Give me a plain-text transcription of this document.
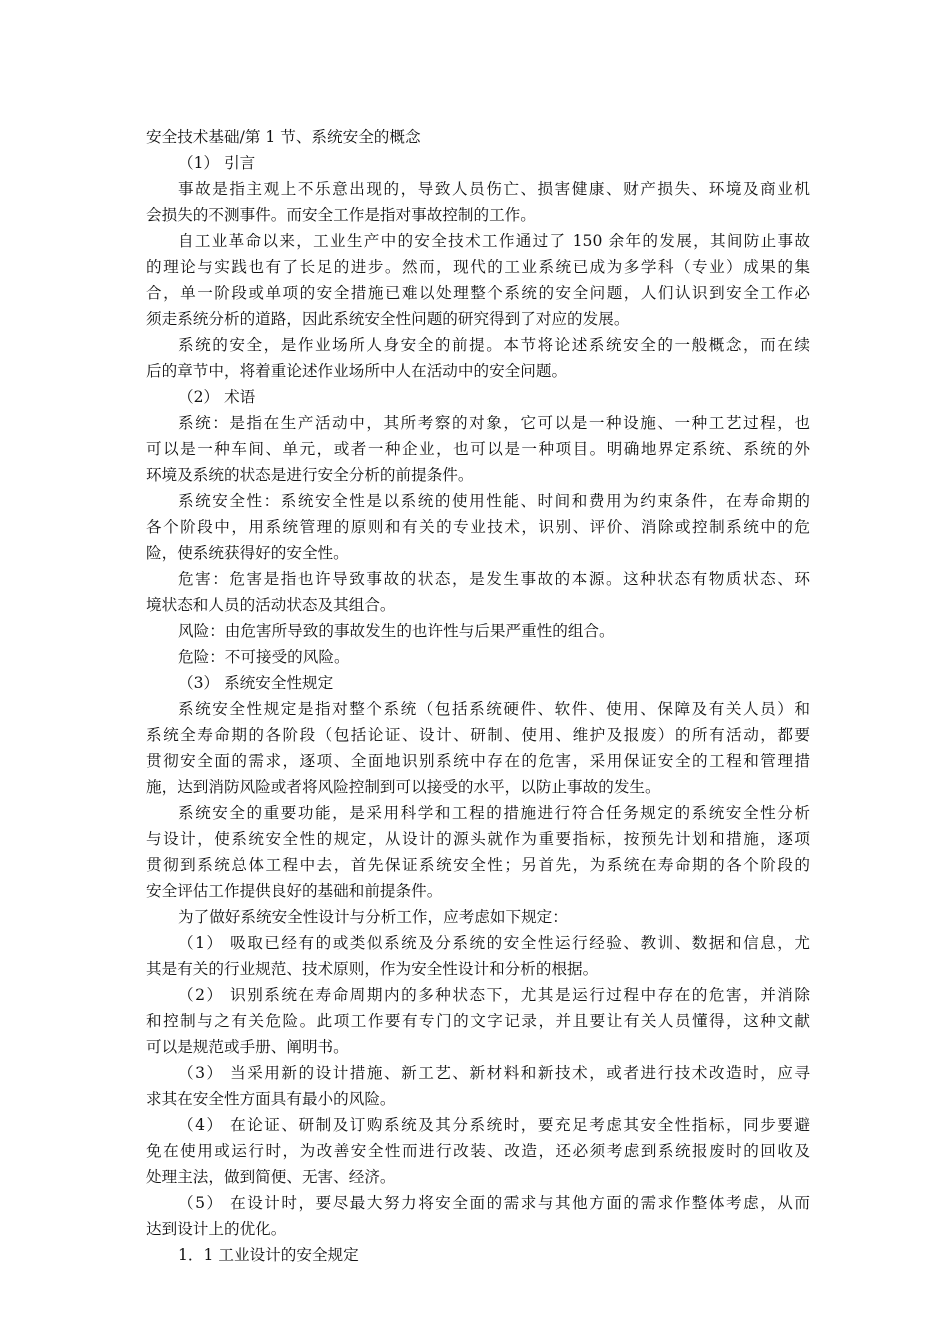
安全技术基础/第 1 节、系统安全的概念
（1） 引言
事故是指主观上不乐意出现的，导致人员伤亡、损害健康、财产损失、环境及商业机
会损失的不测事件。而安全工作是指对事故控制的工作。
自工业革命以来，工业生产中的安全技术工作通过了 150 余年的发展，其间防止事故
的理论与实践也有了长足的进步。然而，现代的工业系统已成为多学科（专业）成果的集
合，单一阶段或单项的安全措施已难以处理整个系统的安全问题，人们认识到安全工作必
须走系统分析的道路，因此系统安全性问题的研究得到了对应的发展。
系统的安全，是作业场所人身安全的前提。本节将论述系统安全的一般概念，而在续
后的章节中，将着重论述作业场所中人在活动中的安全问题。
（2） 术语
系统：是指在生产活动中，其所考察的对象，它可以是一种设施、一种工艺过程，也
可以是一种车间、单元，或者一种企业，也可以是一种项目。明确地界定系统、系统的外
环境及系统的状态是进行安全分析的前提条件。
系统安全性：系统安全性是以系统的使用性能、时间和费用为约束条件，在寿命期的
各个阶段中，用系统管理的原则和有关的专业技术，识别、评价、消除或控制系统中的危
险，使系统获得好的安全性。
危害：危害是指也许导致事故的状态，是发生事故的本源。这种状态有物质状态、环
境状态和人员的活动状态及其组合。
风险：由危害所导致的事故发生的也许性与后果严重性的组合。
危险：不可接受的风险。
（3） 系统安全性规定
系统安全性规定是指对整个系统（包括系统硬件、软件、使用、保障及有关人员）和
系统全寿命期的各阶段（包括论证、设计、研制、使用、维护及报废）的所有活动，都要
贯彻安全面的需求，逐项、全面地识别系统中存在的危害，采用保证安全的工程和管理措
施，达到消防风险或者将风险控制到可以接受的水平，以防止事故的发生。
系统安全的重要功能，是采用科学和工程的措施进行符合任务规定的系统安全性分析
与设计，使系统安全性的规定，从设计的源头就作为重要指标，按预先计划和措施，逐项
贯彻到系统总体工程中去，首先保证系统安全性；另首先，为系统在寿命期的各个阶段的
安全评估工作提供良好的基础和前提条件。
为了做好系统安全性设计与分析工作，应考虑如下规定：
（1） 吸取已经有的或类似系统及分系统的安全性运行经验、教训、数据和信息，尤
其是有关的行业规范、技术原则，作为安全性设计和分析的根据。
（2） 识别系统在寿命周期内的多种状态下，尤其是运行过程中存在的危害，并消除
和控制与之有关危险。此项工作要有专门的文字记录，并且要让有关人员懂得，这种文献
可以是规范或手册、阐明书。
（3） 当采用新的设计措施、新工艺、新材料和新技术，或者进行技术改造时，应寻
求其在安全性方面具有最小的风险。
（4） 在论证、研制及订购系统及其分系统时，要充足考虑其安全性指标，同步要避
免在使用或运行时，为改善安全性而进行改装、改造，还必须考虑到系统报废时的回收及
处理主法，做到简便、无害、经济。
（5） 在设计时，要尽最大努力将安全面的需求与其他方面的需求作整体考虑，从而
达到设计上的优化。
1．1 工业设计的安全规定
